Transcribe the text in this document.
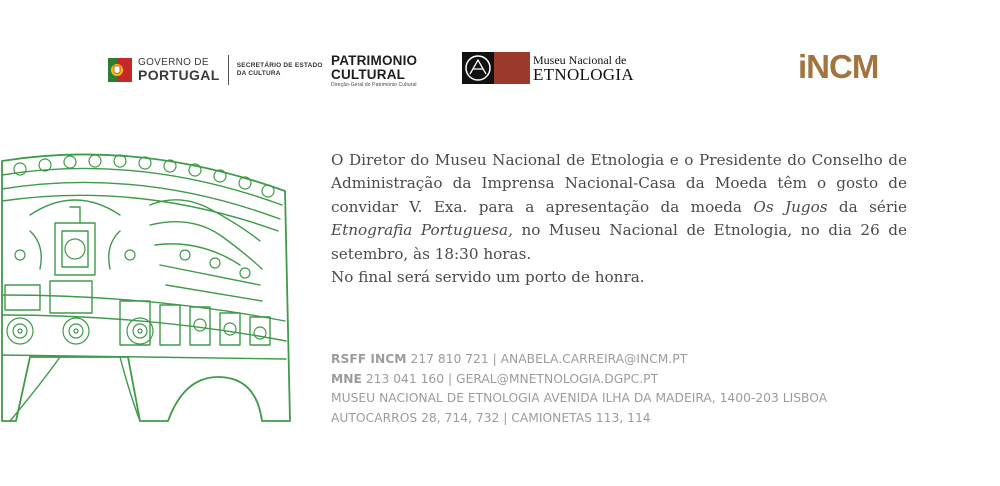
GOVERNO DE
PORTUGAL
SECRETÁRIO DE ESTADO
DA CULTURA
PATRIMONIO
CULTURAL
Direção-Geral do Património Cultural
Museu Nacional de
ETNOLOGIA	iNCM

O Diretor do Museu Nacional de Etnologia e o Presidente do Conselho de Administração da Imprensa Nacional-Casa da Moeda têm o gosto de convidar V. Exa. para a apresentação da moeda Os Jugos da série Etnografia Portuguesa, no Museu Nacional de Etnologia, no dia 26 de setembro, às 18:30 horas.

No final será servido um porto de honra.

RSFF INCM 217 810 721 | ANABELA.CARREIRA@INCM.PT
MNE 213 041 160 | GERAL@MNETNOLOGIA.DGPC.PT
MUSEU NACIONAL DE ETNOLOGIA AVENIDA ILHA DA MADEIRA, 1400-203 LISBOA
AUTOCARROS 28, 714, 732 | CAMIONETAS 113, 114
